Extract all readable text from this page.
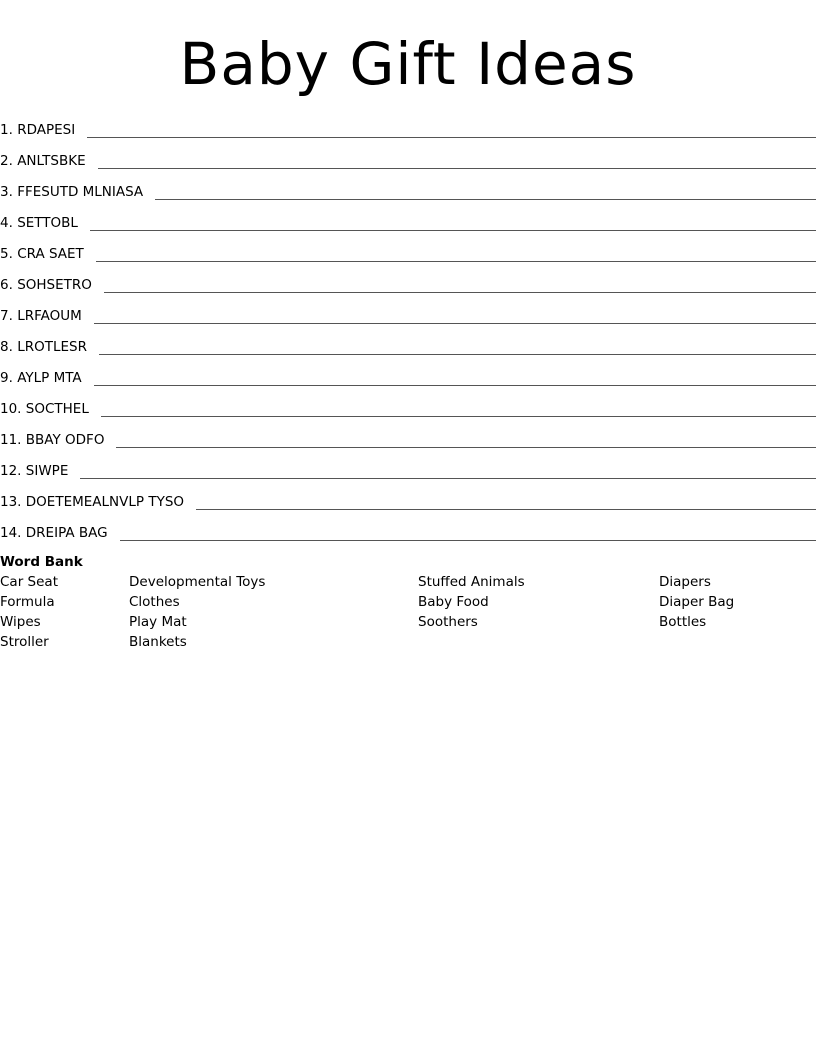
Baby Gift Ideas
1. RDAPESI
2. ANLTSBKE
3. FFESUTD MLNIASA
4. SETTOBL
5. CRA SAET
6. SOHSETRO
7. LRFAOUM
8. LROTLESR
9. AYLP MTA
10. SOCTHEL
11. BBAY ODFO
12. SIWPE
13. DOETEMEALNVLP TYSO
14. DREIPA BAG
Word Bank
Car Seat	Developmental Toys	Stuffed Animals	Diapers
Formula	Clothes	Baby Food	Diaper Bag
Wipes	Play Mat	Soothers	Bottles
Stroller	Blankets
